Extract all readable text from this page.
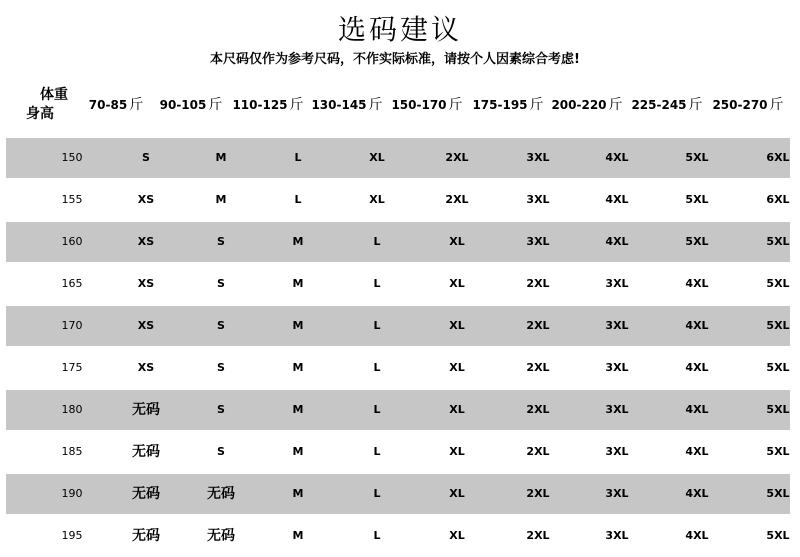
选码建议
本尺码仅作为参考尺码，不作实际标准，请按个人因素综合考虑!
体重
身高
70-85 斤	90-105 斤 110-125 斤 130-145 斤 150-170 斤 175-195 斤 200-220 斤 225-245 斤 250-270 斤
150	S	M	L	XL	2XL	3XL	4XL	5XL	6XL
155	XS	M	L	XL	2XL	3XL	4XL	5XL	6XL
160	XS	S	M	L	XL	3XL	4XL	5XL	5XL
165	XS	S	M	L	XL	2XL	3XL	4XL	5XL
170	XS	S	M	L	XL	2XL	3XL	4XL	5XL
175	XS	S	M	L	XL	2XL	3XL	4XL	5XL
180	无码	S	M	L	XL	2XL	3XL	4XL	5XL
185	无码	S	M	L	XL	2XL	3XL	4XL	5XL
190	无码	无码	M	L	XL	2XL	3XL	4XL	5XL
195	无码	无码	M	L	XL	2XL	3XL	4XL	5XL
